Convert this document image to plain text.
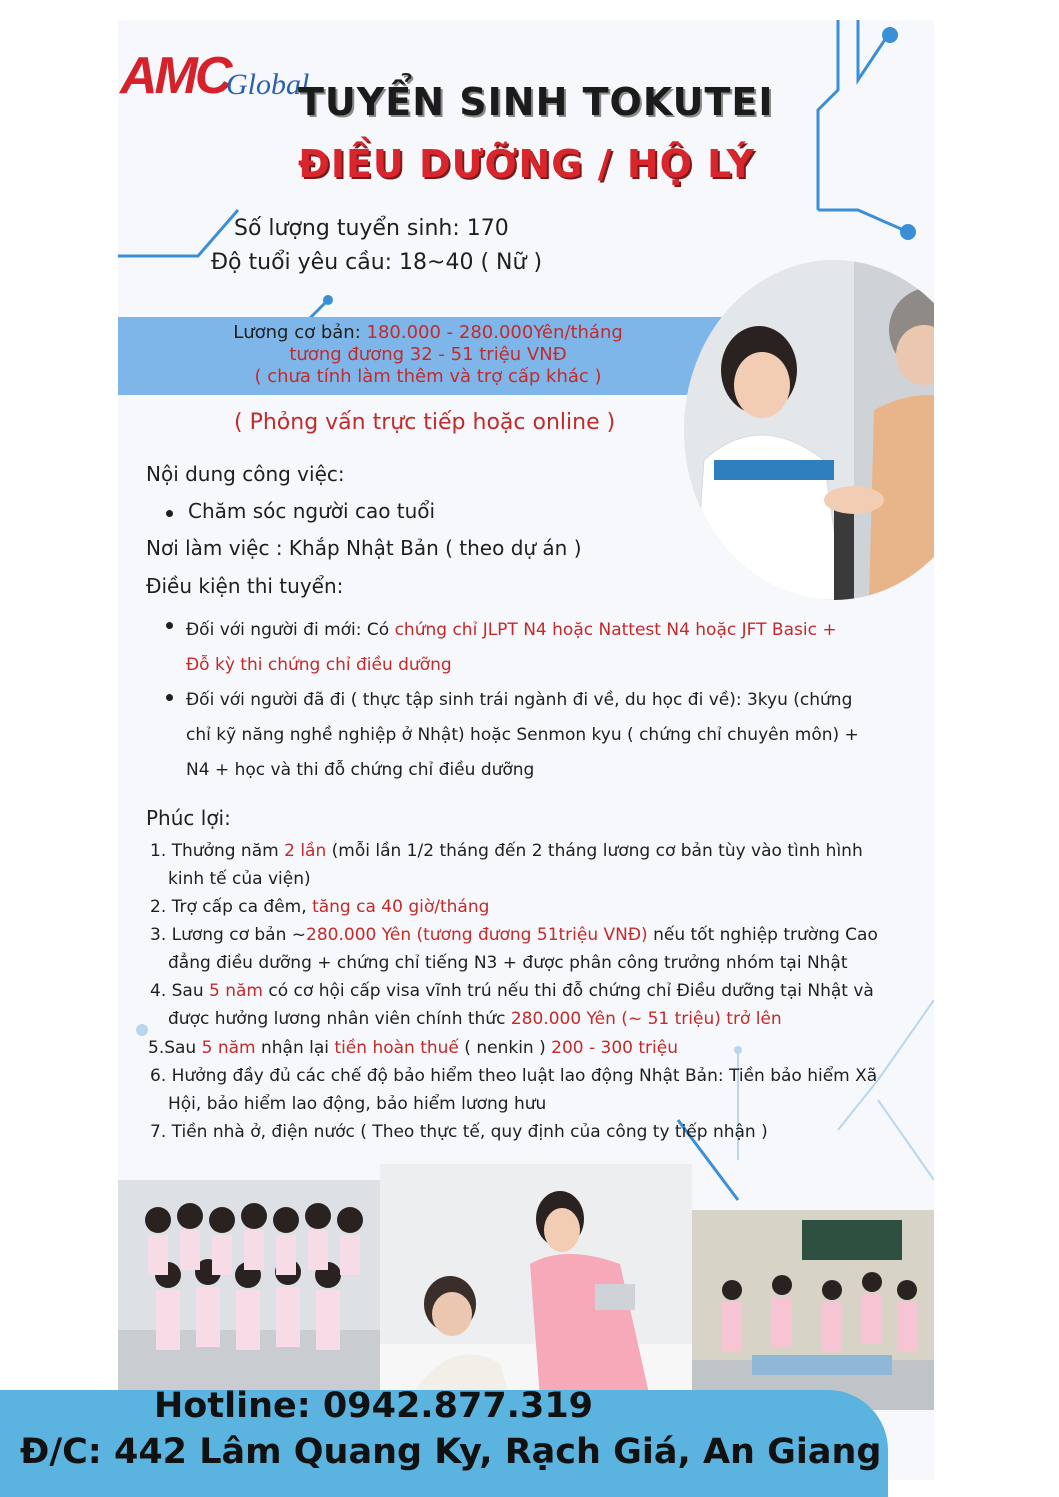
AMC
Global
TUYỂN SINH TOKUTEI
ĐIỀU DƯỠNG / HỘ LÝ
Số lượng tuyển sinh: 170
Độ tuổi yêu cầu: 18~40 ( Nữ )
Lương cơ bản: 180.000 - 280.000Yên/tháng
tương đương 32 - 51 triệu VNĐ
( chưa tính làm thêm và trợ cấp khác )
( Phỏng vấn trực tiếp hoặc online )
Nội dung công việc:
Chăm sóc người cao tuổi
Nơi làm việc : Khắp Nhật Bản ( theo dự án )
Điều kiện thi tuyển:
Đối với người đi mới: Có chứng chỉ JLPT N4 hoặc Nattest N4 hoặc JFT Basic +
Đỗ kỳ thi chứng chỉ điều dưỡng
Đối với người đã đi ( thực tập sinh trái ngành đi về, du học đi về): 3kyu (chứng
chỉ kỹ năng nghề nghiệp ở Nhật) hoặc Senmon kyu ( chứng chỉ chuyên môn) +
N4 + học và thi đỗ chứng chỉ điều dưỡng
Phúc lợi:
1. Thưởng năm 2 lần (mỗi lần 1/2 tháng đến 2 tháng lương cơ bản tùy vào tình hình
kinh tế của viện)
2. Trợ cấp ca đêm, tăng ca 40 giờ/tháng
3. Lương cơ bản ~280.000 Yên (tương đương 51triệu VNĐ) nếu tốt nghiệp trường Cao
đẳng điều dưỡng + chứng chỉ tiếng N3 + được phân công trưởng nhóm tại Nhật
4. Sau 5 năm có cơ hội cấp visa vĩnh trú nếu thi đỗ chứng chỉ Điều dưỡng tại Nhật và
được hưởng lương nhân viên chính thức 280.000 Yên (~ 51 triệu) trở lên
5.Sau 5 năm nhận lại tiền hoàn thuế ( nenkin ) 200 - 300 triệu
6. Hưởng đầy đủ các chế độ bảo hiểm theo luật lao động Nhật Bản: Tiền bảo hiểm Xã
Hội, bảo hiểm lao động, bảo hiểm lương hưu
7. Tiền nhà ở, điện nước ( Theo thực tế, quy định của công ty tiếp nhận )
Hotline: 0942.877.319
Đ/C: 442 Lâm Quang Ky, Rạch Giá, An Giang
